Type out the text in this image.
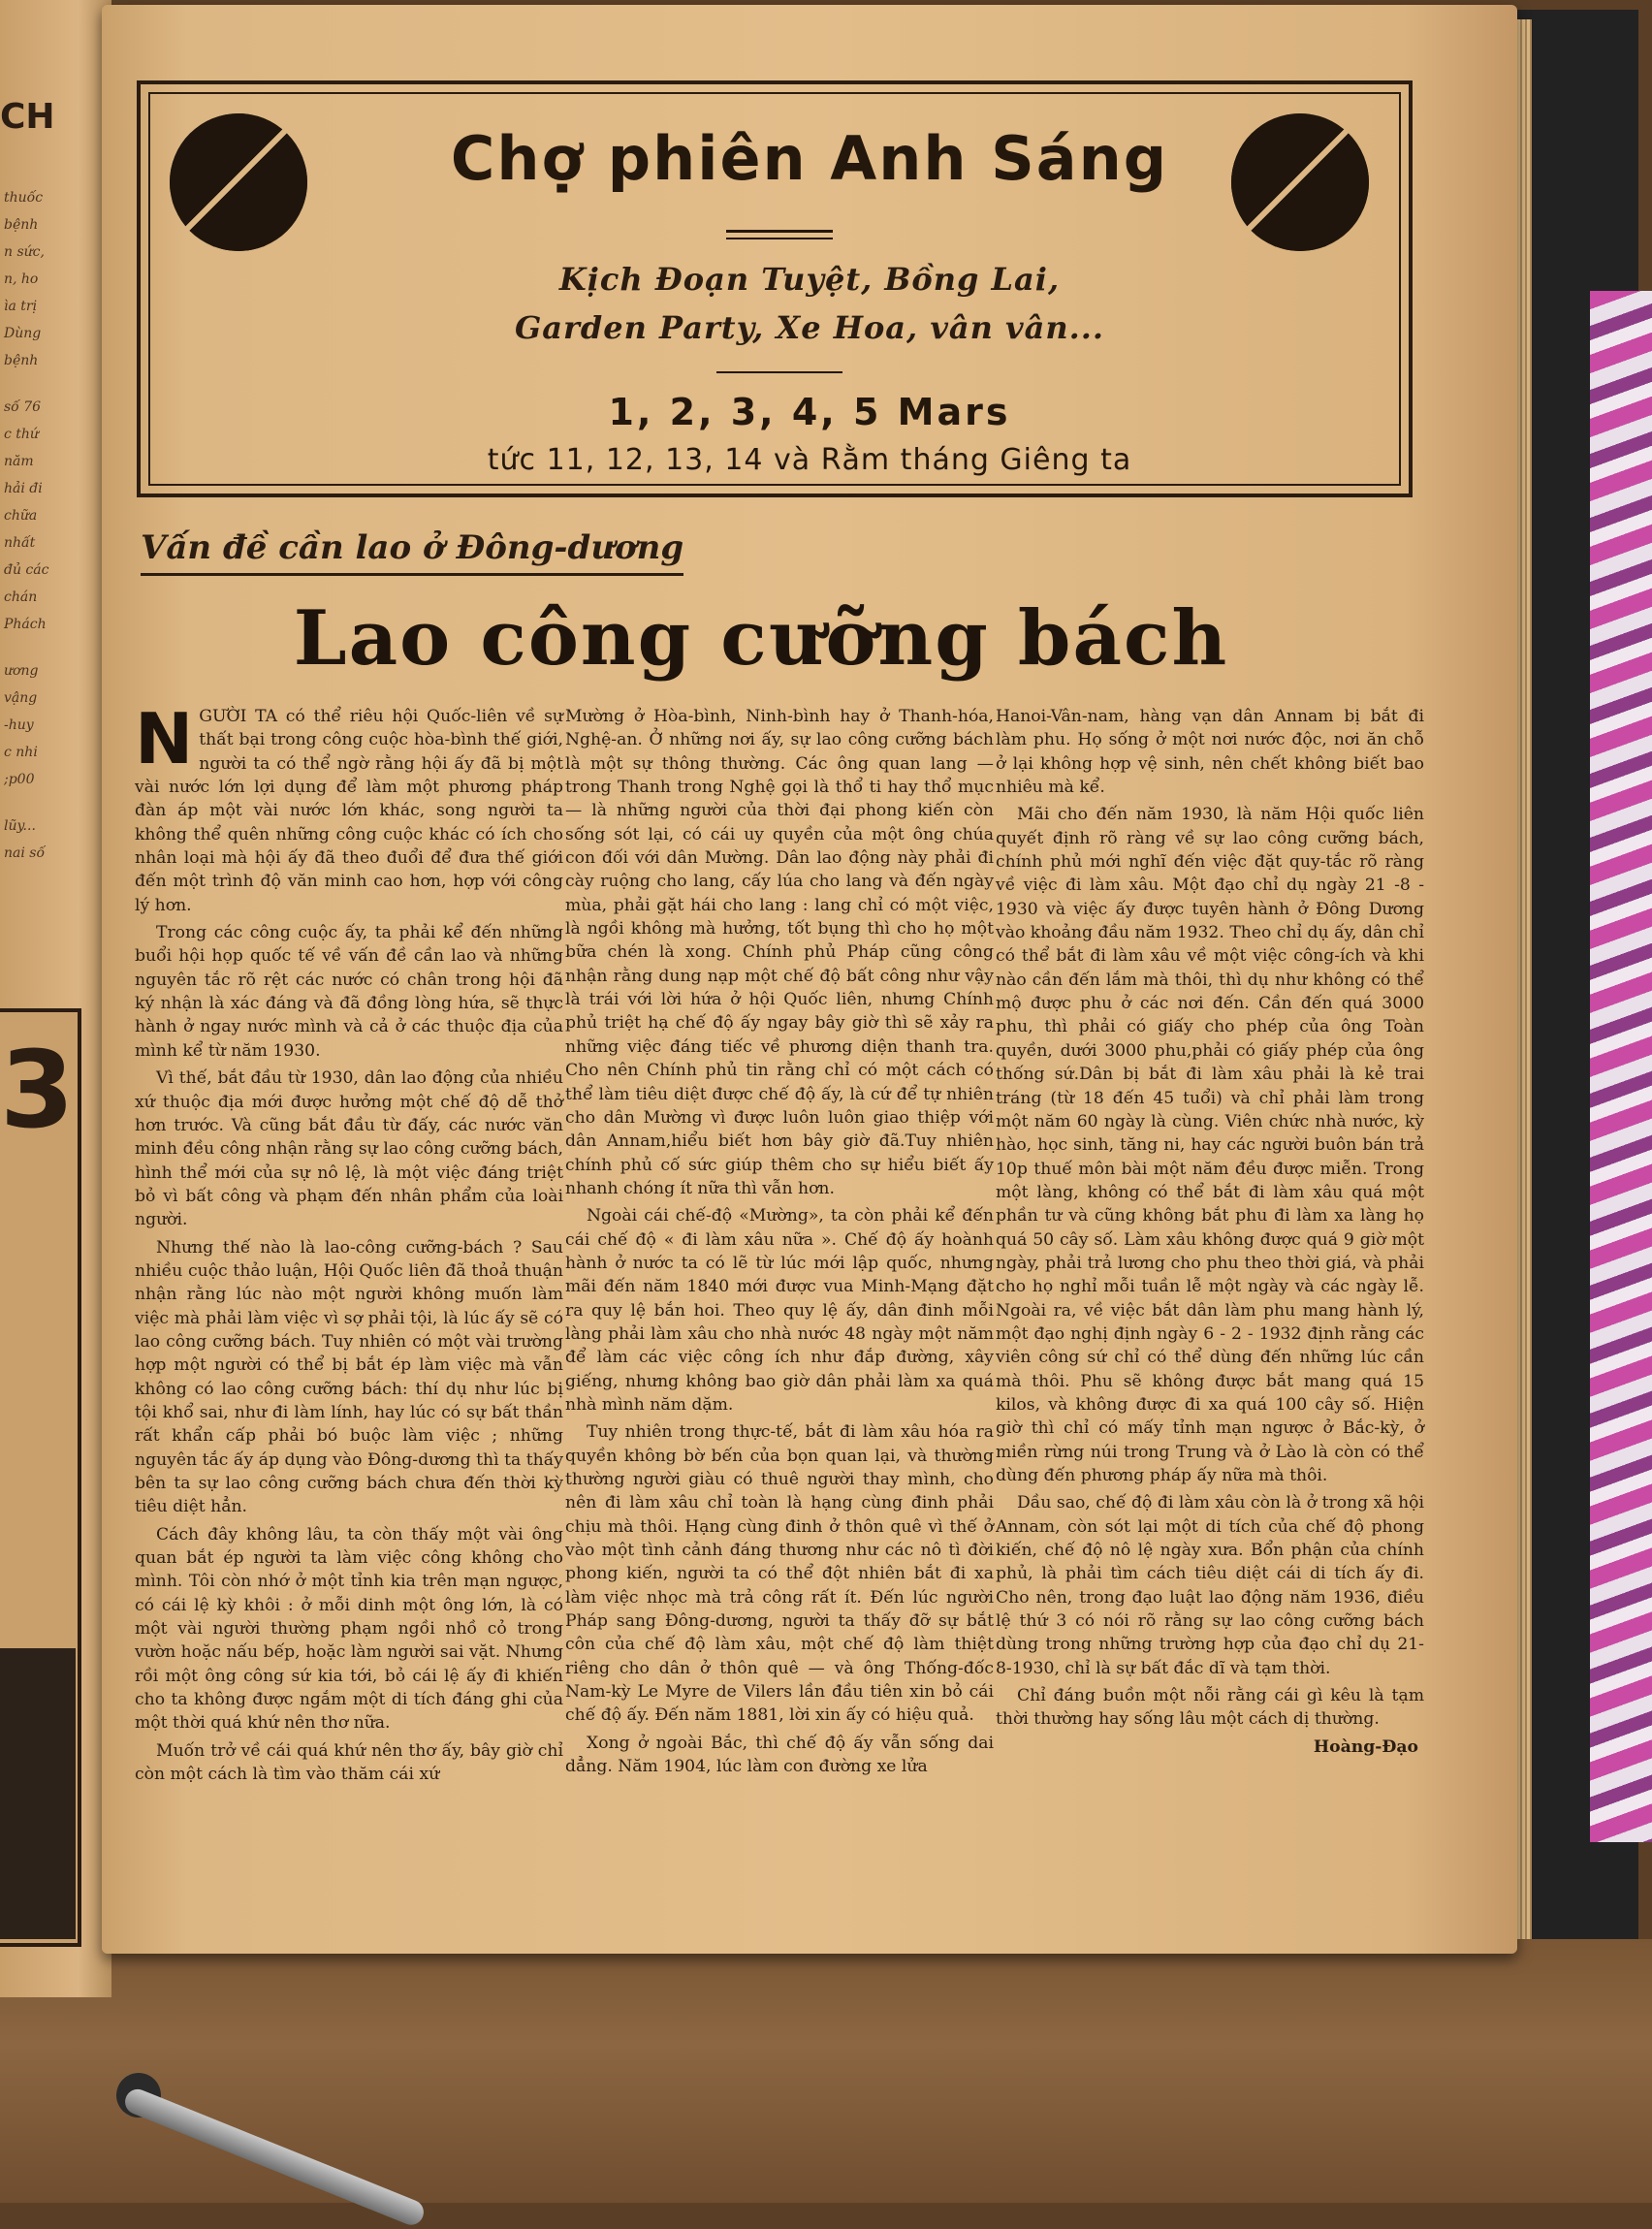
CH
thuốc
bệnh
n sức,
n, ho
ìa trị
Dùng
bệnh
số 76
c thứ
năm
hải đi
chữa
nhất
đủ các
chán
Phách
ương
vậng
-huy
c nhi
;p00
lũy...
nai số
3
Chợ phiên Anh Sáng
Kịch Đoạn Tuyệt, Bồng Lai,
Garden Party, Xe Hoa, vân vân...
1, 2, 3, 4, 5 Mars
tức 11, 12, 13, 14 và Rằm tháng Giêng ta
Vấn đề cần lao ở Đông-dương
Lao công cưỡng bách

NGƯỜI TA có thể riêu hội Quốc-liên về sự thất bại trong công cuộc hòa-bình thế giới, người ta có thể ngờ rằng hội ấy đã bị một vài nước lớn lợi dụng để làm một phương pháp đàn áp một vài nước lớn khác, song người ta không thể quên những công cuộc khác có ích cho nhân loại mà hội ấy đã theo đuổi để đưa thế giới đến một trình độ văn minh cao hơn, hợp với công lý hơn.

Trong các công cuộc ấy, ta phải kể đến những buổi hội họp quốc tế về vấn đề cần lao và những nguyên tắc rõ rệt các nước có chân trong hội đã ký nhận là xác đáng và đã đồng lòng hứa, sẽ thực hành ở ngay nước mình và cả ở các thuộc địa của mình kể từ năm 1930.

Vì thế, bắt đầu từ 1930, dân lao động của nhiều xứ thuộc địa mới được hưởng một chế độ dễ thở hơn trước. Và cũng bắt đầu từ đấy, các nước văn minh đều công nhận rằng sự lao công cưỡng bách, hình thể mới của sự nô lệ, là một việc đáng triệt bỏ vì bất công và phạm đến nhân phẩm của loài người.

Nhưng thế nào là lao-công cưỡng-bách ? Sau nhiều cuộc thảo luận, Hội Quốc liên đã thoả thuận nhận rằng lúc nào một người không muốn làm việc mà phải làm việc vì sợ phải tội, là lúc ấy sẽ có lao công cưỡng bách. Tuy nhiên có một vài trường hợp một người có thể bị bắt ép làm việc mà vẫn không có lao công cưỡng bách: thí dụ như lúc bị tội khổ sai, như đi làm lính, hay lúc có sự bất thần rất khẩn cấp phải bó buộc làm việc ; những nguyên tắc ấy áp dụng vào Đông-dương thì ta thấy bên ta sự lao công cưỡng bách chưa đến thời kỳ tiêu diệt hẳn.

Cách đây không lâu, ta còn thấy một vài ông quan bắt ép người ta làm việc công không cho mình. Tôi còn nhớ ở một tỉnh kia trên mạn ngược, có cái lệ kỳ khôi : ở mỗi dinh một ông lớn, là có một vài người thường phạm ngồi nhồ cỏ trong vườn hoặc nấu bếp, hoặc làm người sai vặt. Nhưng rồi một ông công sứ kia tới, bỏ cái lệ ấy đi khiến cho ta không được ngắm một di tích đáng ghi của một thời quá khứ nên thơ nữa.

Muốn trở về cái quá khứ nên thơ ấy, bây giờ chỉ còn một cách là tìm vào thăm cái xứ

Mường ở Hòa-bình, Ninh-bình hay ở Thanh-hóa, Nghệ-an. Ở những nơi ấy, sự lao công cưỡng bách là một sự thông thường. Các ông quan lang — trong Thanh trong Nghệ gọi là thổ ti hay thổ mục — là những người của thời đại phong kiến còn sống sót lại, có cái uy quyền của một ông chúa con đối với dân Mường. Dân lao động này phải đi cày ruộng cho lang, cấy lúa cho lang và đến ngày mùa, phải gặt hái cho lang : lang chỉ có một việc, là ngồi không mà hưởng, tốt bụng thì cho họ một bữa chén là xong. Chính phủ Pháp cũng công nhận rằng dung nạp một chế độ bất công như vậy là trái với lời hứa ở hội Quốc liên, nhưng Chính phủ triệt hạ chế độ ấy ngay bây giờ thì sẽ xảy ra những việc đáng tiếc về phương diện thanh tra. Cho nên Chính phủ tin rằng chỉ có một cách có thể làm tiêu diệt được chế độ ấy, là cứ để tự nhiên cho dân Mường vì được luôn luôn giao thiệp với dân Annam,hiểu biết hơn bây giờ đã.Tuy nhiên chính phủ cố sức giúp thêm cho sự hiểu biết ấy nhanh chóng ít nữa thì vẫn hơn.

Ngoài cái chế-độ «Mường», ta còn phải kể đến cái chế độ « đi làm xâu nữa ». Chế độ ấy hoành hành ở nước ta có lẽ từ lúc mới lập quốc, nhưng mãi đến năm 1840 mới được vua Minh-Mạng đặt ra quy lệ bắn hoi. Theo quy lệ ấy, dân đinh mỗi làng phải làm xâu cho nhà nước 48 ngày một năm để làm các việc công ích như đắp đường, xây giếng, nhưng không bao giờ dân phải làm xa quá nhà mình năm dặm.

Tuy nhiên trong thực-tế, bắt đi làm xâu hóa ra quyền không bờ bến của bọn quan lại, và thường thường người giàu có thuê người thay mình, cho nên đi làm xâu chỉ toàn là hạng cùng đinh phải chịu mà thôi. Hạng cùng đinh ở thôn quê vì thế ở vào một tình cảnh đáng thương như các nô tì đời phong kiến, người ta có thể đột nhiên bắt đi xa làm việc nhọc mà trả công rất ít. Đến lúc người Pháp sang Đông-dương, người ta thấy đỡ sự bắt côn của chế độ làm xâu, một chế độ làm thiệt riêng cho dân ở thôn quê — và ông Thống-đốc Nam-kỳ Le Myre de Vilers lần đầu tiên xin bỏ cái chế độ ấy. Đến năm 1881, lời xin ấy có hiệu quả.

Xong ở ngoài Bắc, thì chế độ ấy vẫn sống dai dẳng. Năm 1904, lúc làm con đường xe lửa

Hanoi-Vân-nam, hàng vạn dân Annam bị bắt đi làm phu. Họ sống ở một nơi nước độc, nơi ăn chỗ ở lại không hợp vệ sinh, nên chết không biết bao nhiêu mà kể.

Mãi cho đến năm 1930, là năm Hội quốc liên quyết định rõ ràng về sự lao công cưỡng bách, chính phủ mới nghĩ đến việc đặt quy-tắc rõ ràng về việc đi làm xâu. Một đạo chỉ dụ ngày 21 -8 - 1930 và việc ấy được tuyên hành ở Đông Dương vào khoảng đầu năm 1932. Theo chỉ dụ ấy, dân chỉ có thể bắt đi làm xâu về một việc công-ích và khi nào cần đến lắm mà thôi, thì dụ như không có thể mộ được phu ở các nơi đến. Cần đến quá 3000 phu, thì phải có giấy cho phép của ông Toàn quyền, dưới 3000 phu,phải có giấy phép của ông thống sứ.Dân bị bắt đi làm xâu phải là kẻ trai tráng (từ 18 đến 45 tuổi) và chỉ phải làm trong một năm 60 ngày là cùng. Viên chức nhà nước, kỳ hào, học sinh, tăng ni, hay các người buôn bán trả 10p thuế môn bài một năm đều được miễn. Trong một làng, không có thể bắt đi làm xâu quá một phần tư và cũng không bắt phu đi làm xa làng họ quá 50 cây số. Làm xâu không được quá 9 giờ một ngày, phải trả lương cho phu theo thời giá, và phải cho họ nghỉ mỗi tuần lễ một ngày và các ngày lễ. Ngoài ra, về việc bắt dân làm phu mang hành lý, một đạo nghị định ngày 6 - 2 - 1932 định rằng các viên công sứ chỉ có thể dùng đến những lúc cần mà thôi. Phu sẽ không được bắt mang quá 15 kilos, và không được đi xa quá 100 cây số. Hiện giờ thì chỉ có mấy tỉnh mạn ngược ở Bắc-kỳ, ở miền rừng núi trong Trung và ở Lào là còn có thể dùng đến phương pháp ấy nữa mà thôi.

Dầu sao, chế độ đi làm xâu còn là ở trong xã hội Annam, còn sót lại một di tích của chế độ phong kiến, chế độ nô lệ ngày xưa. Bổn phận của chính phủ, là phải tìm cách tiêu diệt cái di tích ấy đi. Cho nên, trong đạo luật lao động năm 1936, điều lệ thứ 3 có nói rõ rằng sự lao công cưỡng bách dùng trong những trường hợp của đạo chỉ dụ 21-8-1930, chỉ là sự bất đắc dĩ và tạm thời.

Chỉ đáng buồn một nỗi rằng cái gì kêu là tạm thời thường hay sống lâu một cách dị thường.

Hoàng-Đạo
